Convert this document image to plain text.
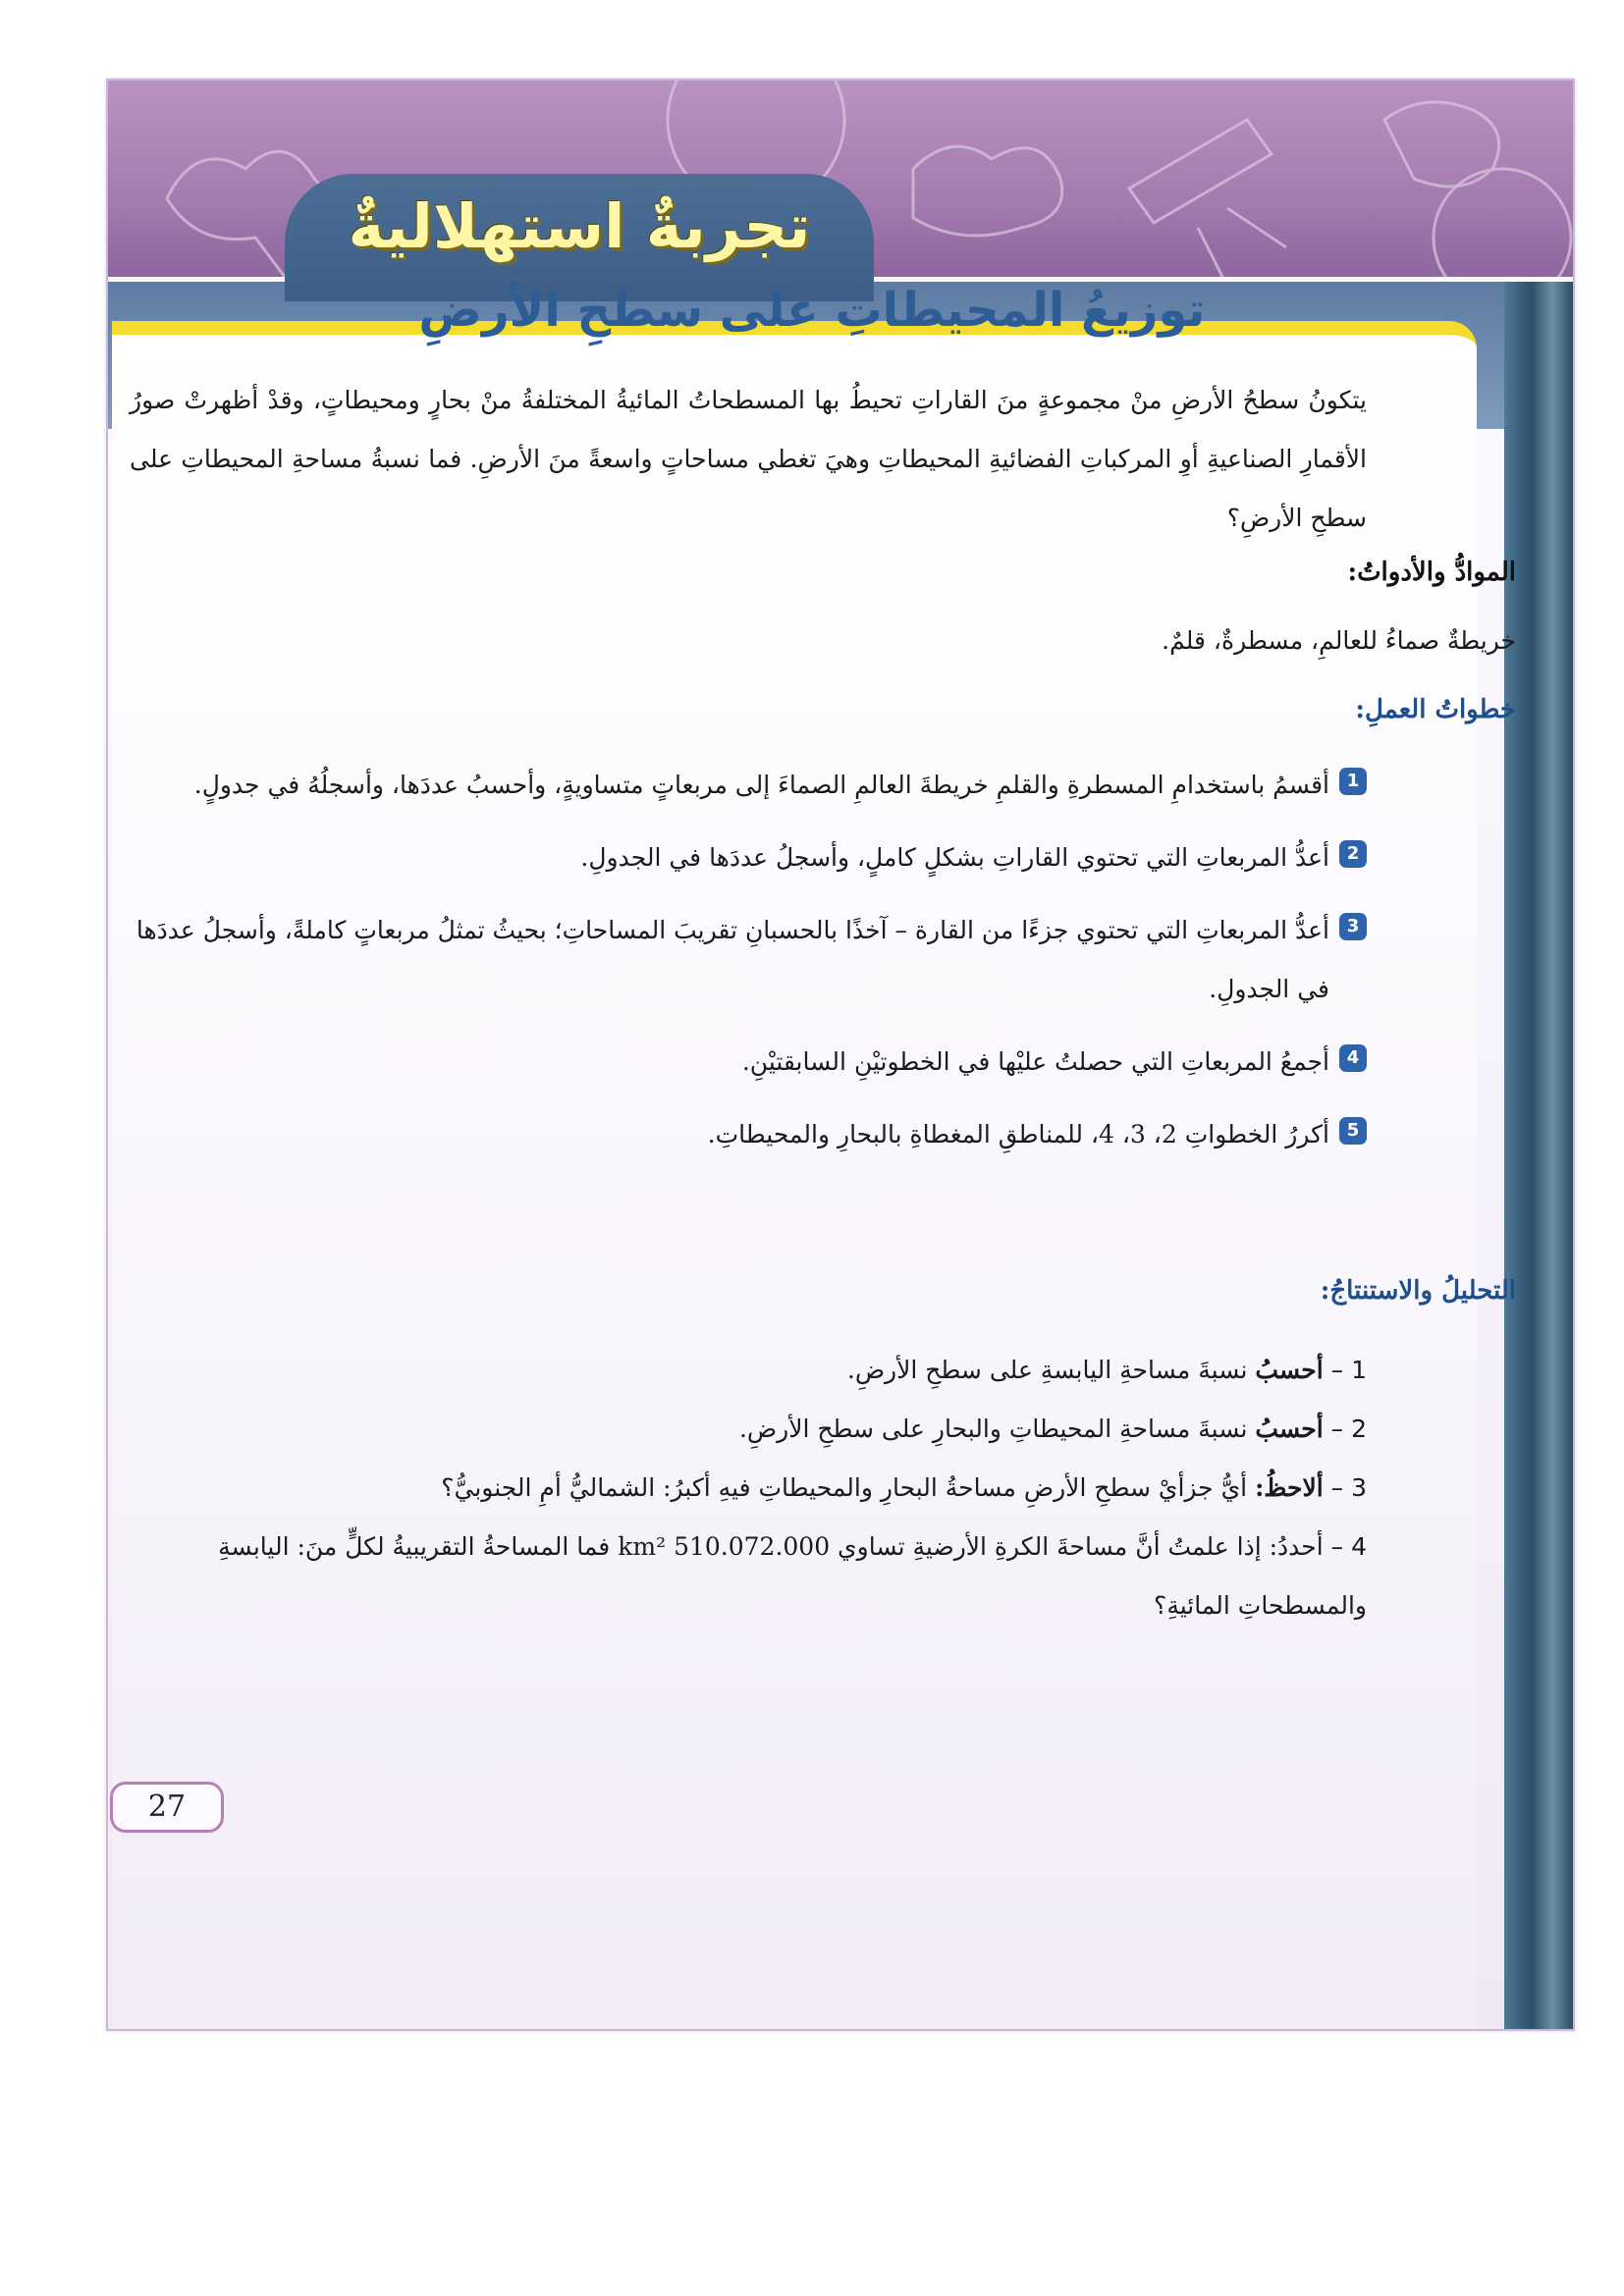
تجربةٌ استهلاليةٌ
توزيعُ المحيطاتِ على سطحِ الأرضِ
يتكونُ سطحُ الأرضِ منْ مجموعةٍ منَ القاراتِ تحيطُ بها المسطحاتُ المائيةُ المختلفةُ منْ بحارٍ ومحيطاتٍ، وقدْ أظهرتْ صورُ الأقمارِ الصناعيةِ أوِ المركباتِ الفضائيةِ المحيطاتِ وهيَ تغطي مساحاتٍ واسعةً منَ الأرضِ. فما نسبةُ مساحةِ المحيطاتِ على سطحِ الأرضِ؟
الموادُّ والأدواتُ:
خريطةٌ صماءُ للعالمِ، مسطرةٌ، قلمٌ.
خطواتُ العملِ:
1
أقسمُ باستخدامِ المسطرةِ والقلمِ خريطةَ العالمِ الصماءَ إلى مربعاتٍ متساويةٍ، وأحسبُ عددَها، وأسجلُهُ في جدولٍ.
2
أعدُّ المربعاتِ التي تحتوي القاراتِ بشكلٍ كاملٍ، وأسجلُ عددَها في الجدولِ.
3
أعدُّ المربعاتِ التي تحتوي جزءًا من القارة – آخذًا بالحسبانِ تقريبَ المساحاتِ؛ بحيثُ تمثلُ مربعاتٍ كاملةً، وأسجلُ عددَها في الجدولِ.
4
أجمعُ المربعاتِ التي حصلتُ عليْها في الخطوتيْنِ السابقتيْنِ.
5
أكررُ الخطواتِ 2، 3، 4، للمناطقِ المغطاةِ بالبحارِ والمحيطاتِ.
التحليلُ والاستنتاجُ:
1 – أحسبُ نسبةَ مساحةِ اليابسةِ على سطحِ الأرضِ.
2 – أحسبُ نسبةَ مساحةِ المحيطاتِ والبحارِ على سطحِ الأرضِ.
3 – ألاحظُ: أيُّ جزأيْ سطحِ الأرضِ مساحةُ البحارِ والمحيطاتِ فيهِ أكبرُ: الشماليُّ أمِ الجنوبيُّ؟
4 – أحددُ: إذا علمتُ أنَّ مساحةَ الكرةِ الأرضيةِ تساوي 510.072.000 km² فما المساحةُ التقريبيةُ لكلٍّ منَ: اليابسةِ والمسطحاتِ المائيةِ؟
27
